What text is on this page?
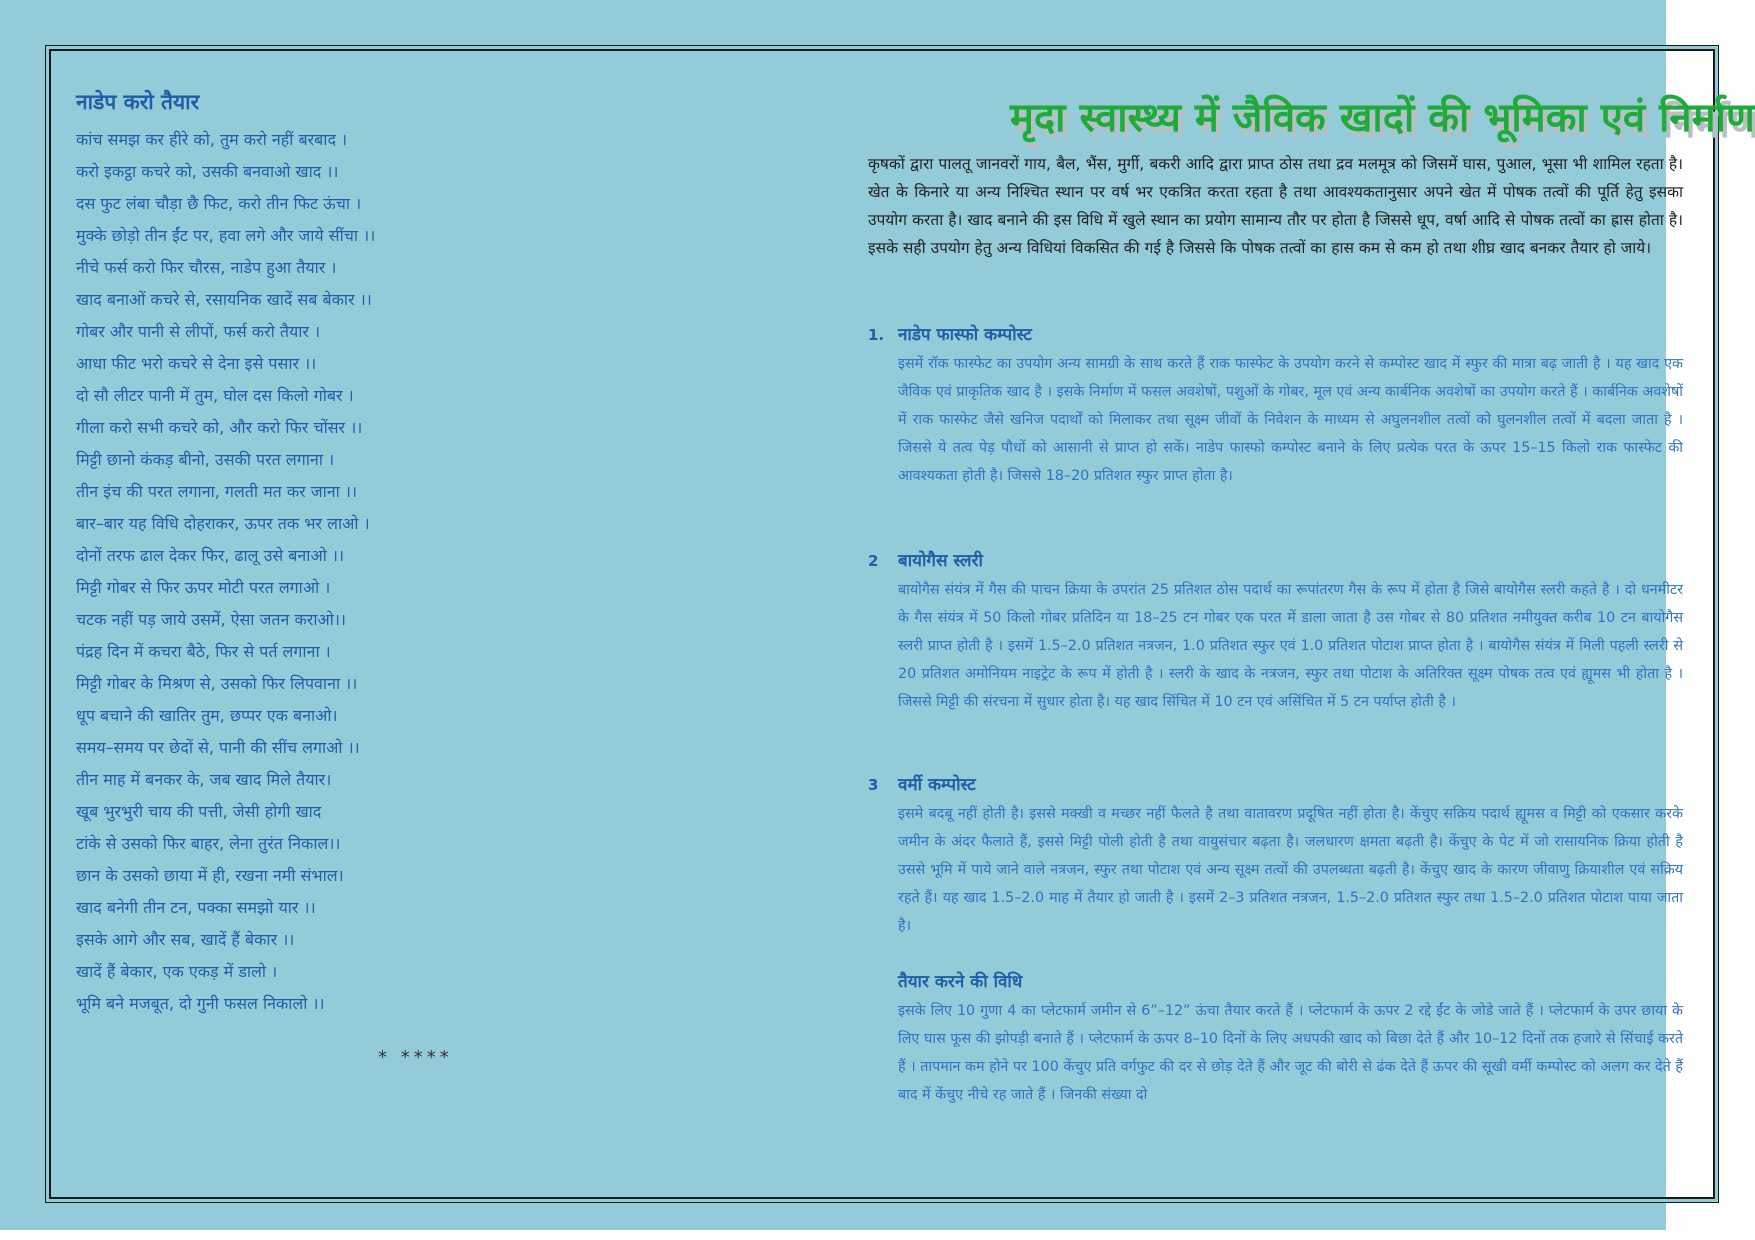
नाडेप करो तैयार
कांच समझ कर हीरे को, तुम करो नहीं बरबाद ।
करो इकट्ठा कचरे को, उसकी बनवाओ खाद ।।
दस फुट लंबा चौड़ा छै फिट, करो तीन फिट ऊंचा ।
मुक्के छोड़ो तीन ईंट पर, हवा लगे और जाये सींचा ।।
नीचे फर्स करो फिर चौरस, नाडेप हुआ तैयार ।
खाद बनाओं कचरे से, रसायनिक खादें सब बेकार ।।
गोबर और पानी से लीपों, फर्स करो तैयार ।
आधा फीट भरो कचरे से देना इसे पसार ।।
दो सौ लीटर पानी में तुम, घोल दस किलो गोबर ।
गीला करो सभी कचरे को, और करो फिर चोंसर ।।
मिट्टी छानो कंकड़ बीनो, उसकी परत लगाना ।
तीन इंच की परत लगाना, गलती मत कर जाना ।।
बार–बार यह विधि दोहराकर, ऊपर तक भर लाओ ।
दोनों तरफ ढाल देकर फिर, ढालू उसे बनाओ ।।
मिट्टी गोबर से फिर ऊपर मोटी परत लगाओ ।
चटक नहीं पड़ जाये उसमें, ऐसा जतन कराओ।।
पंद्रह दिन में कचरा बैठे, फिर से पर्त लगाना ।
मिट्टी गोबर के मिश्रण से, उसको फिर लिपवाना ।।
धूप बचाने की खातिर तुम, छप्पर एक बनाओ।
समय–समय पर छेदों से, पानी की सींच लगाओ ।।
तीन माह में बनकर के, जब खाद मिले तैयार।
खूब भुरभुरी चाय की पत्ती, जेसी होगी खाद
टांके से उसको फिर बाहर, लेना तुरंत निकाल।।
छान के उसको छाया में ही, रखना नमी संभाल।
खाद बनेगी तीन टन, पक्का समझो यार ।।
इसके आगे और सब, खादें हैं बेकार ।।
खादें हैं बेकार, एक एकड़ में डालो ।
भूमि बने मजबूत, दो गुनी फसल निकालो ।।
* ****
मृदा स्वास्थ्य में जैविक खादों की भूमिका एवं निर्माण
कृषकों द्वारा पालतू जानवरों गाय, बैल, भैंस, मुर्गी, बकरी आदि द्वारा प्राप्त ठोस तथा द्रव मलमूत्र को जिसमें घास, पुआल, भूसा भी शामिल रहता है। खेत के किनारे या अन्य निश्चित स्थान पर वर्ष भर एकत्रित करता रहता है तथा आवश्यकतानुसार अपने खेत में पोषक तत्वों की पूर्ति हेतु इसका उपयोग करता है। खाद बनाने की इस विधि में खुले स्थान का प्रयोग सामान्य तौर पर होता है जिससे धूप, वर्षा आदि से पोषक तत्वों का ह्रास होता है। इसके सही उपयोग हेतु अन्य विधियां विकसित की गई है जिससे कि पोषक तत्वों का हास कम से कम हो तथा शीघ्र खाद बनकर तैयार हो जाये।
1. नाडेप फास्फो कम्पोस्ट
इसमें रॉक फास्फेट का उपयोग अन्य सामग्री के साथ करते हैं राक फास्फेट के उपयोग करने से कम्पोस्ट खाद में स्फुर की मात्रा बढ़ जाती है । यह खाद एक जैविक एवं प्राकृतिक खाद है । इसके निर्माण में फसल अवशेषों, पशुओं के गोबर, मूल एवं अन्य कार्बनिक अवशेषों का उपयोग करते हैं । कार्बनिक अवशेषों में राक फास्फेट जैसे खनिज पदार्थों को मिलाकर तथा सूक्ष्म जीवों के निवेशन के माध्यम से अघुलनशील तत्वों को घुलनशील तत्वों में बदला जाता है । जिससे ये तत्व पेड़ पौधों को आसानी से प्राप्त हो सकें। नाडेप फास्फो कम्पोस्ट बनाने के लिए प्रत्येक परत के ऊपर 15–15 किलो राक फास्फेट की आवश्यकता होती है। जिससे 18–20 प्रतिशत स्फुर प्राप्त होता है।
2	बायोगैस स्लरी
बायोगैस संयंत्र में गैस की पाचन क्रिया के उपरांत 25 प्रतिशत ठोस पदार्थ का रूपांतरण गैस के रूप में होता है जिसे बायोगैस स्लरी कहते है । दो धनमीटर के गैस संयंत्र में 50 किलो गोबर प्रतिदिन या 18–25 टन गोबर एक परत में डाला जाता है उस गोबर से 80 प्रतिशत नमीयुक्त करीब 10 टन बायोगैस स्लरी प्राप्त होती है । इसमें 1.5–2.0 प्रतिशत नत्रजन, 1.0 प्रतिशत स्फुर एवं 1.0 प्रतिशत पोटाश प्राप्त होता है । बायोगैस संयंत्र में मिली पहली स्लरी से 20 प्रतिशत अमोनियम नाइट्रेट के रूप में होती है । स्लरी के खाद के नत्रजन, स्फुर तथा पोटाश के अतिरिक्त सूक्ष्म पोषक तत्व एवं ह्यूमस भी होता है । जिससे मिट्टी की संरचना में सुधार होता है। यह खाद सिंचित में 10 टन एवं असिंचित में 5 टन पर्याप्त होती है ।
3	वर्मी कम्पोस्ट
इसमे बदबू नहीं होती है। इससे मक्खी व मच्छर नहीं फैलते है तथा वातावरण प्रदूषित नहीं होता है। केंचुए सक्रिय पदार्थ ह्यूमस व मिट्टी को एकसार करके जमीन के अंदर फैलाते हैं, इससे मिट्टी पोली होती है तथा वायुसंचार बढ़ता है। जलधारण क्षमता बढ़ती है। केंचुए के पेट में जो रासायनिक क्रिया होती है उससे भूमि में पाये जाने वाले नत्रजन, स्फुर तथा पोटाश एवं अन्य सूक्ष्म तत्वों की उपलब्धता बढ़ती है। केंचुए खाद के कारण जीवाणु क्रियाशील एवं सक्रिय रहते हैं। यह खाद 1.5–2.0 माह में तैयार हो जाती है । इसमें 2–3 प्रतिशत नत्रजन, 1.5–2.0 प्रतिशत स्फुर तथा 1.5–2.0 प्रतिशत पोटाश पाया जाता है।
तैयार करने की विधि
इसके लिए 10 गुणा 4 का प्लेटफार्म जमीन से 6”–12” ऊंचा तैयार करते हैं । प्लेटफार्म के ऊपर 2 रद्दे ईंट के जोडे जाते हैं । प्लेटफार्म के उपर छाया के लिए घास फूस की झोपड़ी बनाते हैं । प्लेटफार्म के ऊपर 8–10 दिनों के लिए अधपकी खाद को बिछा देते हैं और 10–12 दिनों तक हजारे से सिंचाई करते हैं । तापमान कम होने पर 100 केंचुए प्रति वर्गफुट की दर से छोड़ देते हैं और जूट की बोरी से ढंक देते हैं ऊपर की सूखी वर्मी कम्पोस्ट को अलग कर देते हैं बाद में केंचुए नीचे रह जाते हैं । जिनकी संख्या दो
